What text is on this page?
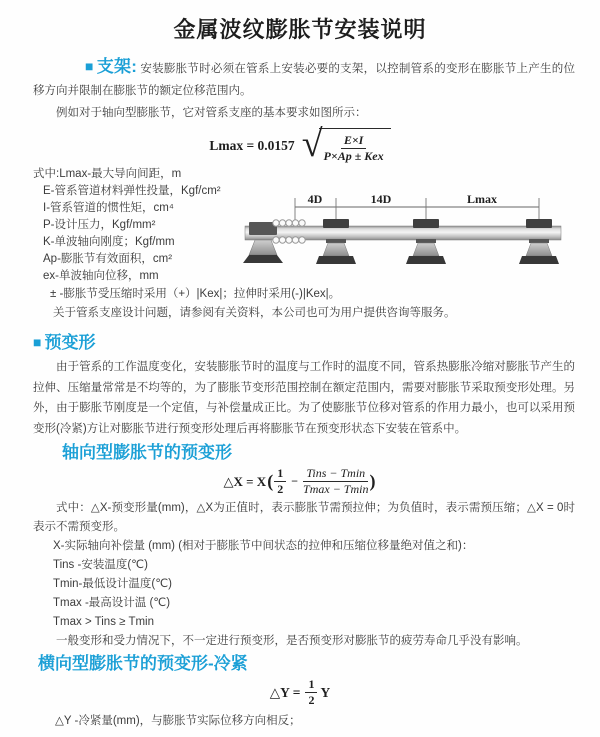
金属波纹膨胀节安装说明

■ 支架: 安装膨胀节时必须在管系上安装必要的支架，以控制管系的变形在膨胀节上产生的位移方向并限制在膨胀节的额定位移范围内。

例如对于轴向型膨胀节，它对管系支座的基本要求如图所示：

Lmax = 0.0157 √ $\frac{E\times I}{\text{P×Ap ± Kex}}$
式中:Lmax-最大导向间距，m
E-管系管道材料弹性投量，Kgf/cm²
I-管系管道的惯性矩，cm⁴
P-设计压力，Kgf/mm²
K-单波轴向刚度；Kgf/mm
Ap-膨胀节有效面积，cm²
ex-单波轴向位移，mm
± -膨胀节受压缩时采用（+）|Kex|；拉伸时采用(-)|Kex|。
关于管系支座设计问题，请参阅有关资料，本公司也可为用户提供咨询等服务。
4D	14D	Lmax
■ 预变形

由于管系的工作温度变化，安装膨胀节时的温度与工作时的温度不同，管系热膨胀冷缩对膨胀节产生的拉伸、压缩量常常是不均等的，为了膨胀节变形范围控制在额定范围内，需要对膨胀节采取预变形处理。另外，由于膨胀节刚度是一个定值，与补偿量成正比。为了使膨胀节位移对管系的作用力最小，也可以采用预变形(冷紧)方让对膨胀节进行预变形处理后再将膨胀节在预变形状态下安装在管系中。

轴向型膨胀节的预变形
△X = X ( $\frac{1}{2} - \frac{\text{Tins − Tmin}}{Tmax - Tmin}$ )

式中：△X-预变形量(mm)，△X为正值时，表示膨胀节需预拉伸；为负值时，表示需预压缩；△X = 0时表示不需预变形。

X-实际轴向补偿量 (mm) (相对于膨胀节中间状态的拉伸和压缩位移量绝对值之和)：
Tins -安装温度(℃)
Tmin-最低设计温度(℃)
Tmax -最高设计温 (℃)
Tmax > Tins ≥ Tmin

一般变形和受力情况下，不一定进行预变形，是否预变形对膨胀节的疲劳寿命几乎没有影响。

横向型膨胀节的预变形-冷紧
△Y = $\frac{1}{2}$ Y
△Y -冷紧量(mm)，与膨胀节实际位移方向相反；
